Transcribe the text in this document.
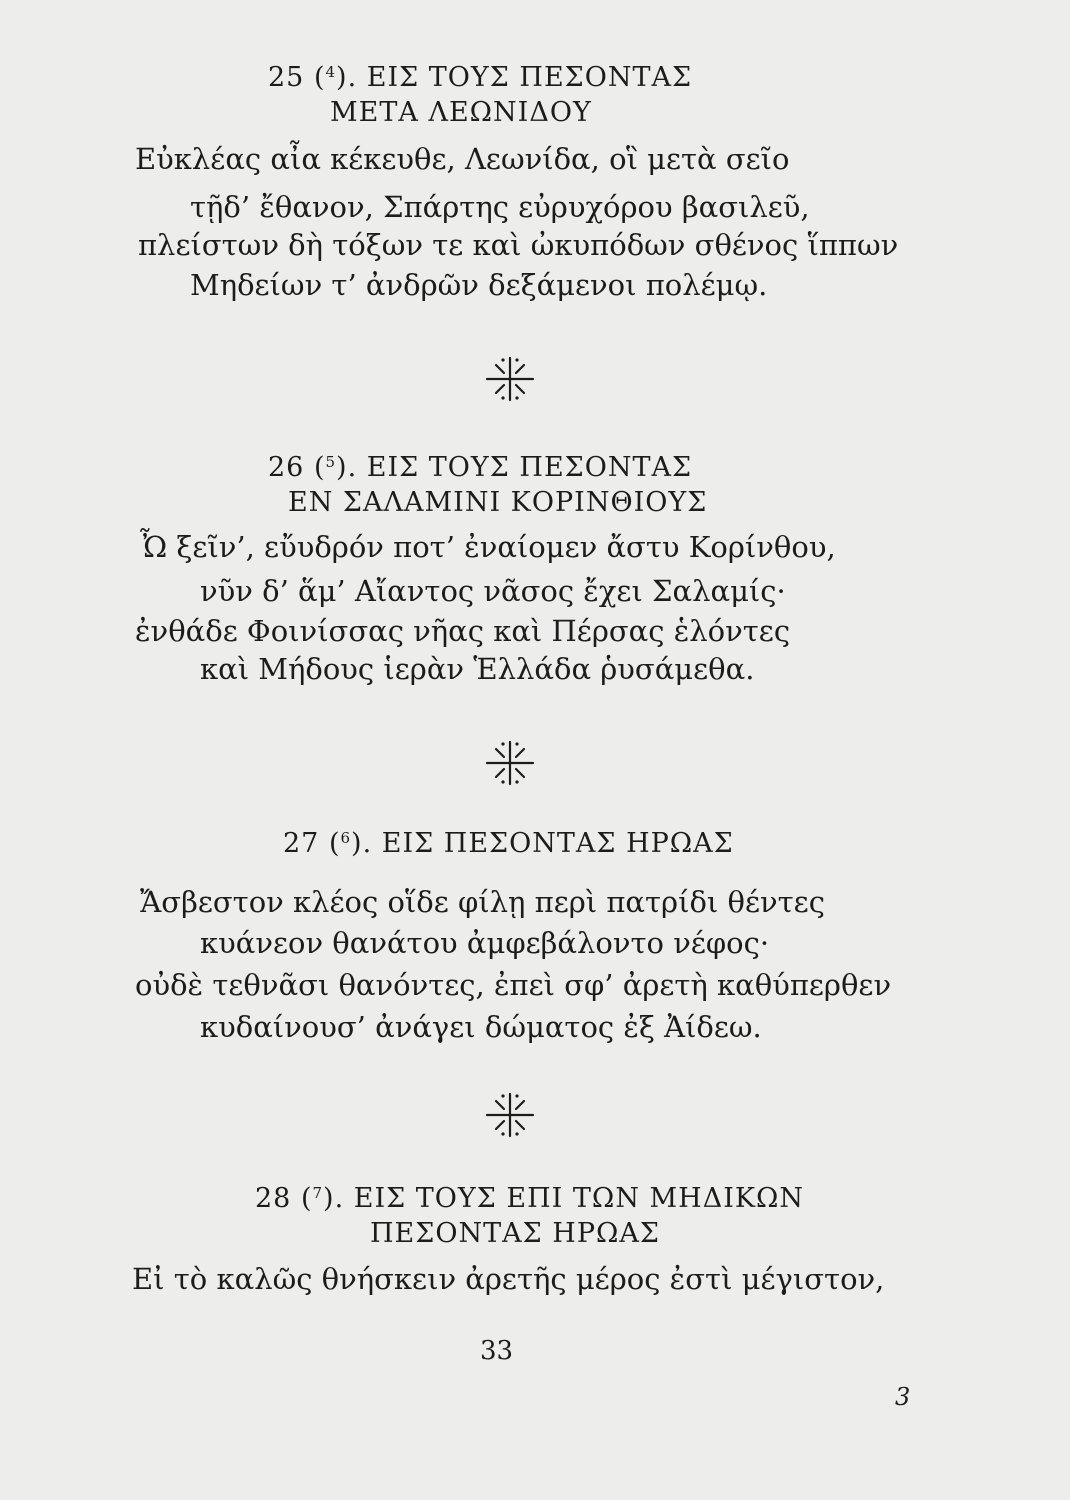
25 ($^4$). ΕΙΣ ΤΟΥΣ ΠΕΣΟΝΤΑΣ
ΜΕΤΑ ΛΕΩΝΙΔΟΥ
Εὐκλέας αἶα κέκευθε, Λεωνίδα, οἳ μετὰ σεῖο
τῇδ’ ἔθανον, Σπάρτης εὐρυχόρου βασιλεῦ,
πλείστων δὴ τόξων τε καὶ ὠκυπόδων σθένος ἵππων
Μηδείων τ’ ἀνδρῶν δεξάμενοι πολέμῳ.
26 ($^5$). ΕΙΣ ΤΟΥΣ ΠΕΣΟΝΤΑΣ
ΕΝ ΣΑΛΑΜΙΝΙ ΚΟΡΙΝΘΙΟΥΣ
Ὦ ξεῖν’, εὔυδρόν ποτ’ ἐναίομεν ἄστυ Κορίνθου,
νῦν δ’ ἅμ’ Αἴαντος νᾶσος ἔχει Σαλαμίς·
ἐνθάδε Φοινίσσας νῆας καὶ Πέρσας ἑλόντες
καὶ Μήδους ἱερὰν Ἑλλάδα ῥυσάμεθα.
27 ($^6$). ΕΙΣ ΠΕΣΟΝΤΑΣ ΗΡΩΑΣ
Ἄσβεστον κλέος οἵδε φίλῃ περὶ πατρίδι θέντες
κυάνεον θανάτου ἀμφεβάλοντο νέφος·
οὐδὲ τεθνᾶσι θανόντες, ἐπεὶ σφ’ ἀρετὴ καθύπερθεν
κυδαίνουσ’ ἀνάγει δώματος ἐξ Ἀίδεω.
28 ($^7$). ΕΙΣ ΤΟΥΣ ΕΠΙ ΤΩΝ ΜΗΔΙΚΩΝ
ΠΕΣΟΝΤΑΣ ΗΡΩΑΣ
Εἰ τὸ καλῶς θνήσκειν ἀρετῆς μέρος ἐστὶ μέγιστον,
33
3
